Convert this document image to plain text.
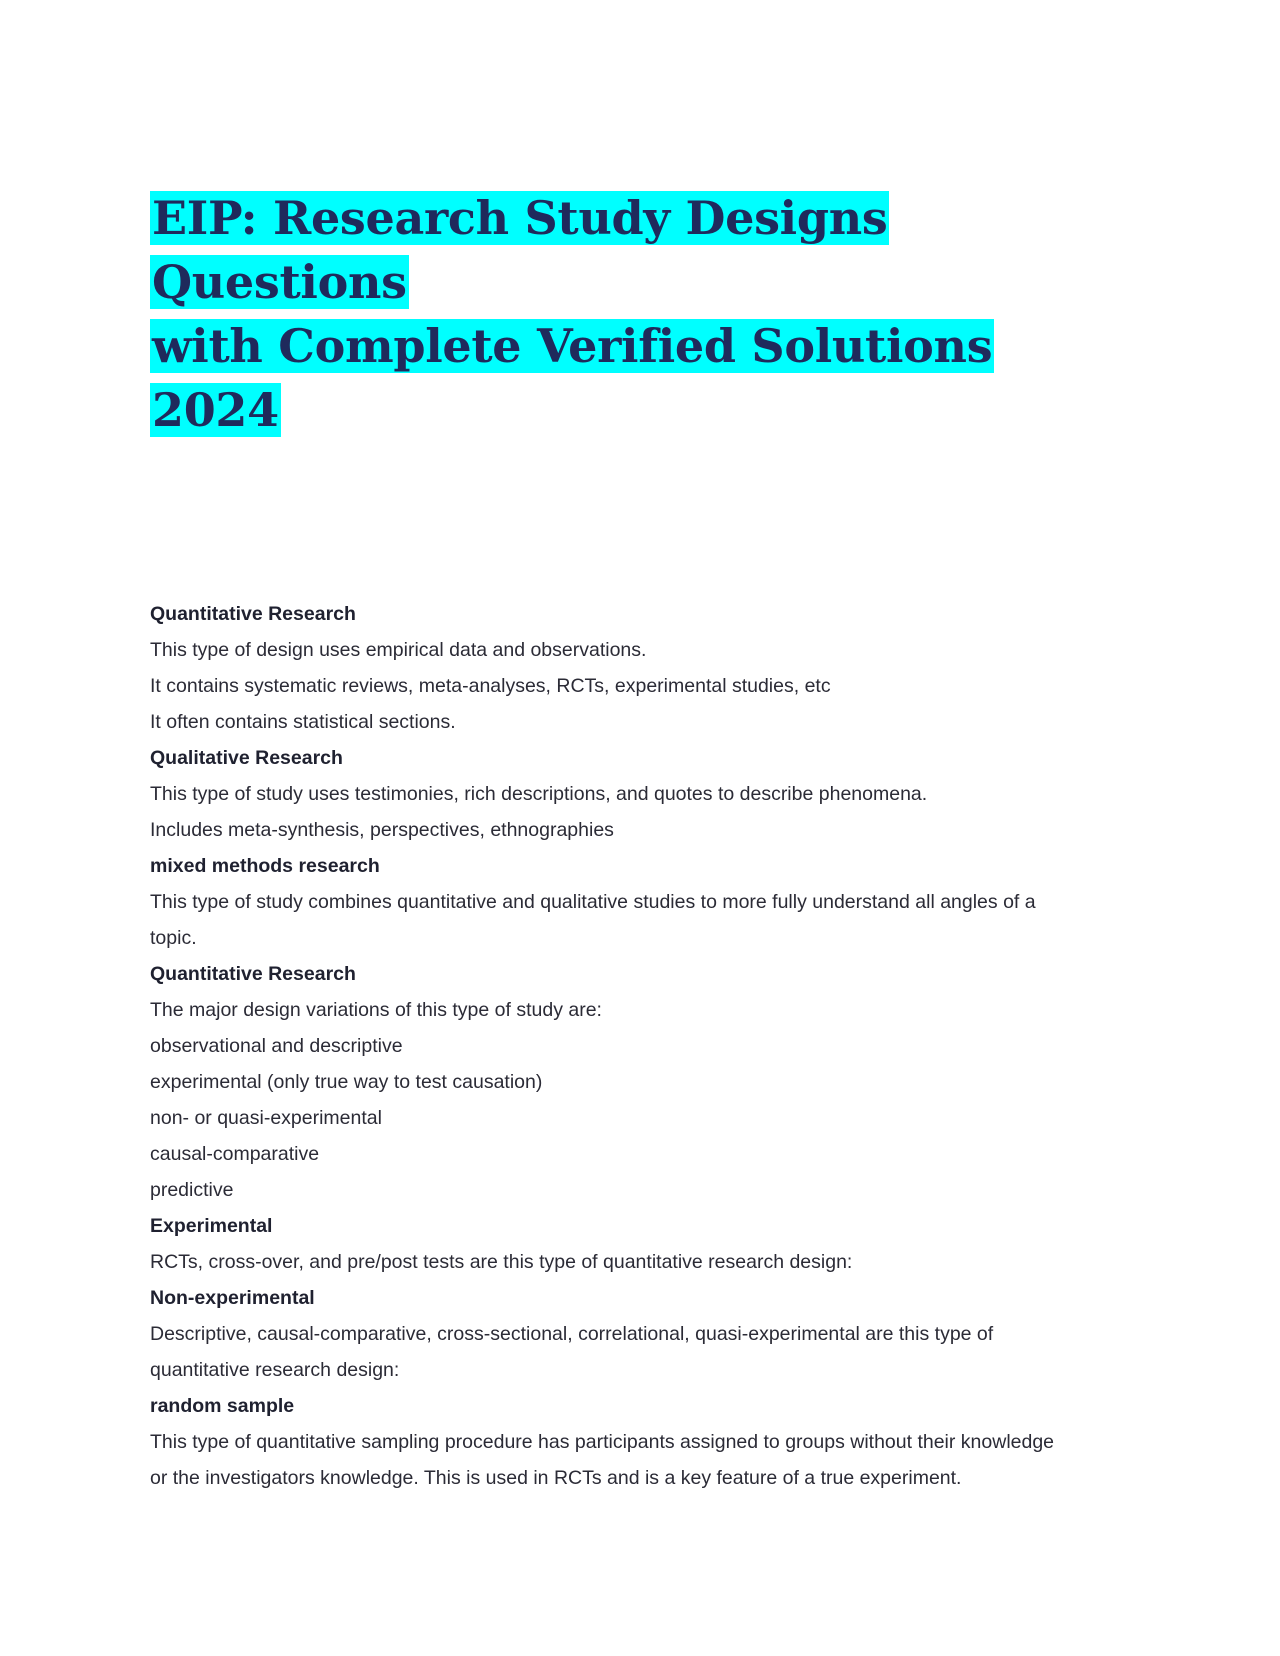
EIP: Research Study Designs Questions
with Complete Verified Solutions 2024
Quantitative Research
This type of design uses empirical data and observations.
It contains systematic reviews, meta-analyses, RCTs, experimental studies, etc
It often contains statistical sections.
Qualitative Research
This type of study uses testimonies, rich descriptions, and quotes to describe phenomena.
Includes meta-synthesis, perspectives, ethnographies
mixed methods research
This type of study combines quantitative and qualitative studies to more fully understand all angles of a
topic.
Quantitative Research
The major design variations of this type of study are:
observational and descriptive
experimental (only true way to test causation)
non- or quasi-experimental
causal-comparative
predictive
Experimental
RCTs, cross-over, and pre/post tests are this type of quantitative research design:
Non-experimental
Descriptive, causal-comparative, cross-sectional, correlational, quasi-experimental are this type of
quantitative research design:
random sample
This type of quantitative sampling procedure has participants assigned to groups without their knowledge
or the investigators knowledge. This is used in RCTs and is a key feature of a true experiment.
